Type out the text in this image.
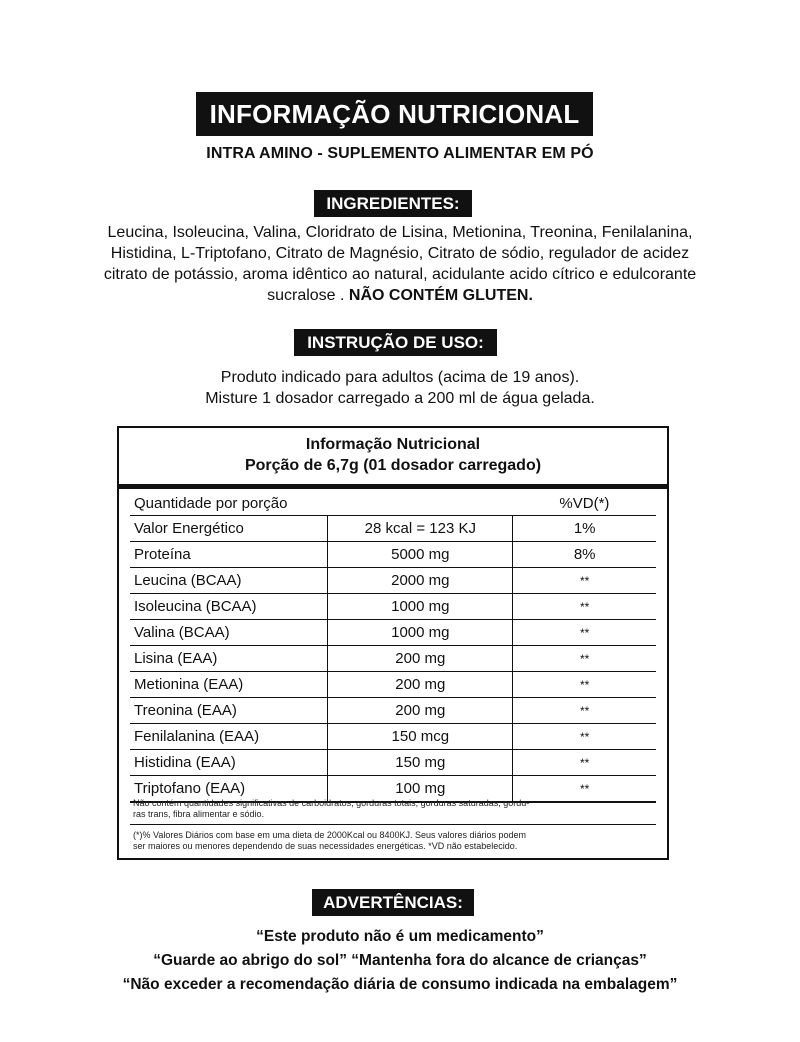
INFORMAÇÃO NUTRICIONAL
INTRA AMINO - SUPLEMENTO ALIMENTAR EM PÓ
INGREDIENTES:
Leucina, Isoleucina, Valina, Cloridrato de Lisina, Metionina, Treonina, Fenilalanina,
Histidina, L-Triptofano, Citrato de Magnésio, Citrato de sódio, regulador de acidez
citrato de potássio, aroma idêntico ao natural, acidulante acido cítrico e edulcorante
sucralose . NÃO CONTÉM GLUTEN.
INSTRUÇÃO DE USO:
Produto indicado para adultos (acima de 19 anos).
Misture 1 dosador carregado a 200 ml de água gelada.
Informação Nutricional
Porção de 6,7g (01 dosador carregado)
Quantidade por porção		%VD(*)
Valor Energético	28 kcal = 123 KJ	1%
Proteína	5000 mg	8%
Leucina (BCAA)	2000 mg	**
Isoleucina (BCAA)	1000 mg	**
Valina (BCAA)	1000 mg	**
Lisina (EAA)	200 mg	**
Metionina (EAA)	200 mg	**
Treonina (EAA)	200 mg	**
Fenilalanina (EAA)	150 mcg	**
Histidina (EAA)	150 mg	**
Triptofano (EAA)	100 mg	**
Não contém quantidades significativas de carboidratos, gorduras totais, gorduras saturadas, gordu-
ras trans, fibra alimentar e sódio.
(*)% Valores Diários com base em uma dieta de 2000Kcal ou 8400KJ. Seus valores diários podem
ser maiores ou menores dependendo de suas necessidades energéticas. *VD não estabelecido.
ADVERTÊNCIAS:
“Este produto não é um medicamento”
“Guarde ao abrigo do sol” “Mantenha fora do alcance de crianças”
“Não exceder a recomendação diária de consumo indicada na embalagem”
